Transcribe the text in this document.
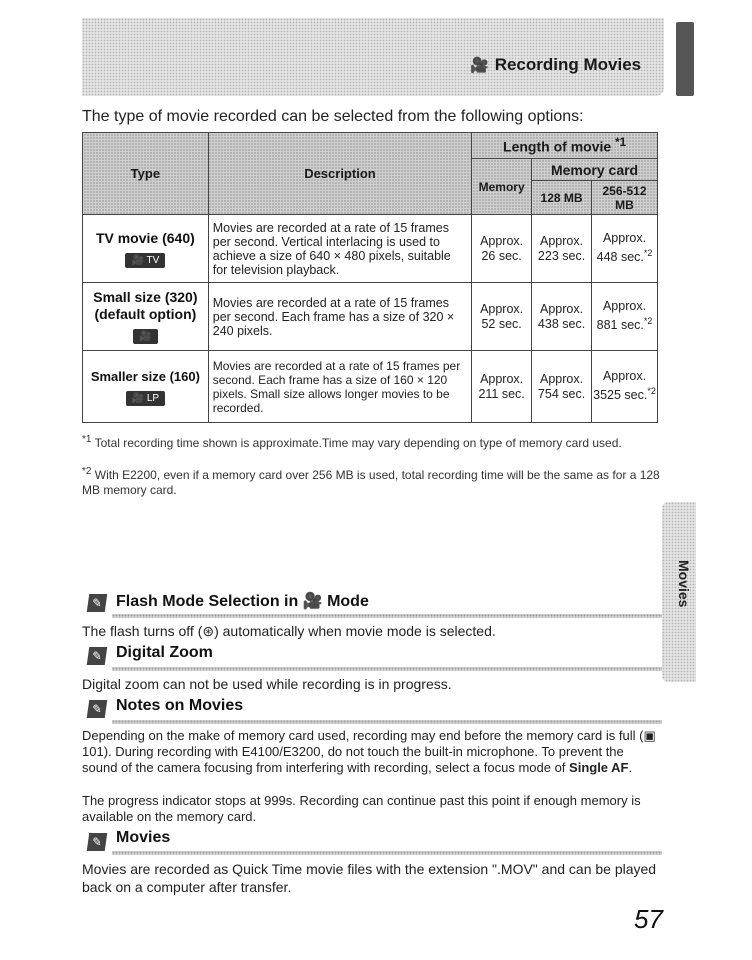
🎥 Recording Movies
The type of movie recorded can be selected from the following options:
Type	Description	Length of movie $^{*1}$
		Memory	Memory card	
			128 MB	256-512 MB

TV movie (640)
🎥 TV	Movies are recorded at a rate of 15 frames per second. Vertical interlacing is used to achieve a size of 640 × 480 pixels, suitable for television playback.	Approx. 26 sec.	Approx. 223 sec.	Approx. 448 sec.$^{*2}$

Small size (320)
(default option)
🎥	Movies are recorded at a rate of 15 frames per second. Each frame has a size of 320 × 240 pixels.	Approx. 52 sec.	Approx. 438 sec.	Approx. 881 sec.$^{*2}$

Smaller size (160)
🎥 LP	Movies are recorded at a rate of 15 frames per second. Each frame has a size of 160 × 120 pixels. Small size allows longer movies to be recorded.	Approx. 211 sec.	Approx. 754 sec.	Approx. 3525 sec.$^{*2}$
$^{*1}$ Total recording time shown is approximate.Time may vary depending on type of memory card used.
$^{*2}$ With E2200, even if a memory card over 256 MB is used, total recording time will be the same as for a 128 MB memory card.
Movies
✎ Flash Mode Selection in 🎥 Mode
The flash turns off (⊛) automatically when movie mode is selected.
✎ Digital Zoom
Digital zoom can not be used while recording is in progress.
✎ Notes on Movies
Depending on the make of memory card used, recording may end before the memory card is full (▣ 101). During recording with E4100/E3200, do not touch the built-in microphone. To prevent the sound of the camera focusing from interfering with recording, select a focus mode of Single AF.
The progress indicator stops at 999s. Recording can continue past this point if enough memory is available on the memory card.
✎ Movies
Movies are recorded as Quick Time movie files with the extension ".MOV" and can be played back on a computer after transfer.
57
